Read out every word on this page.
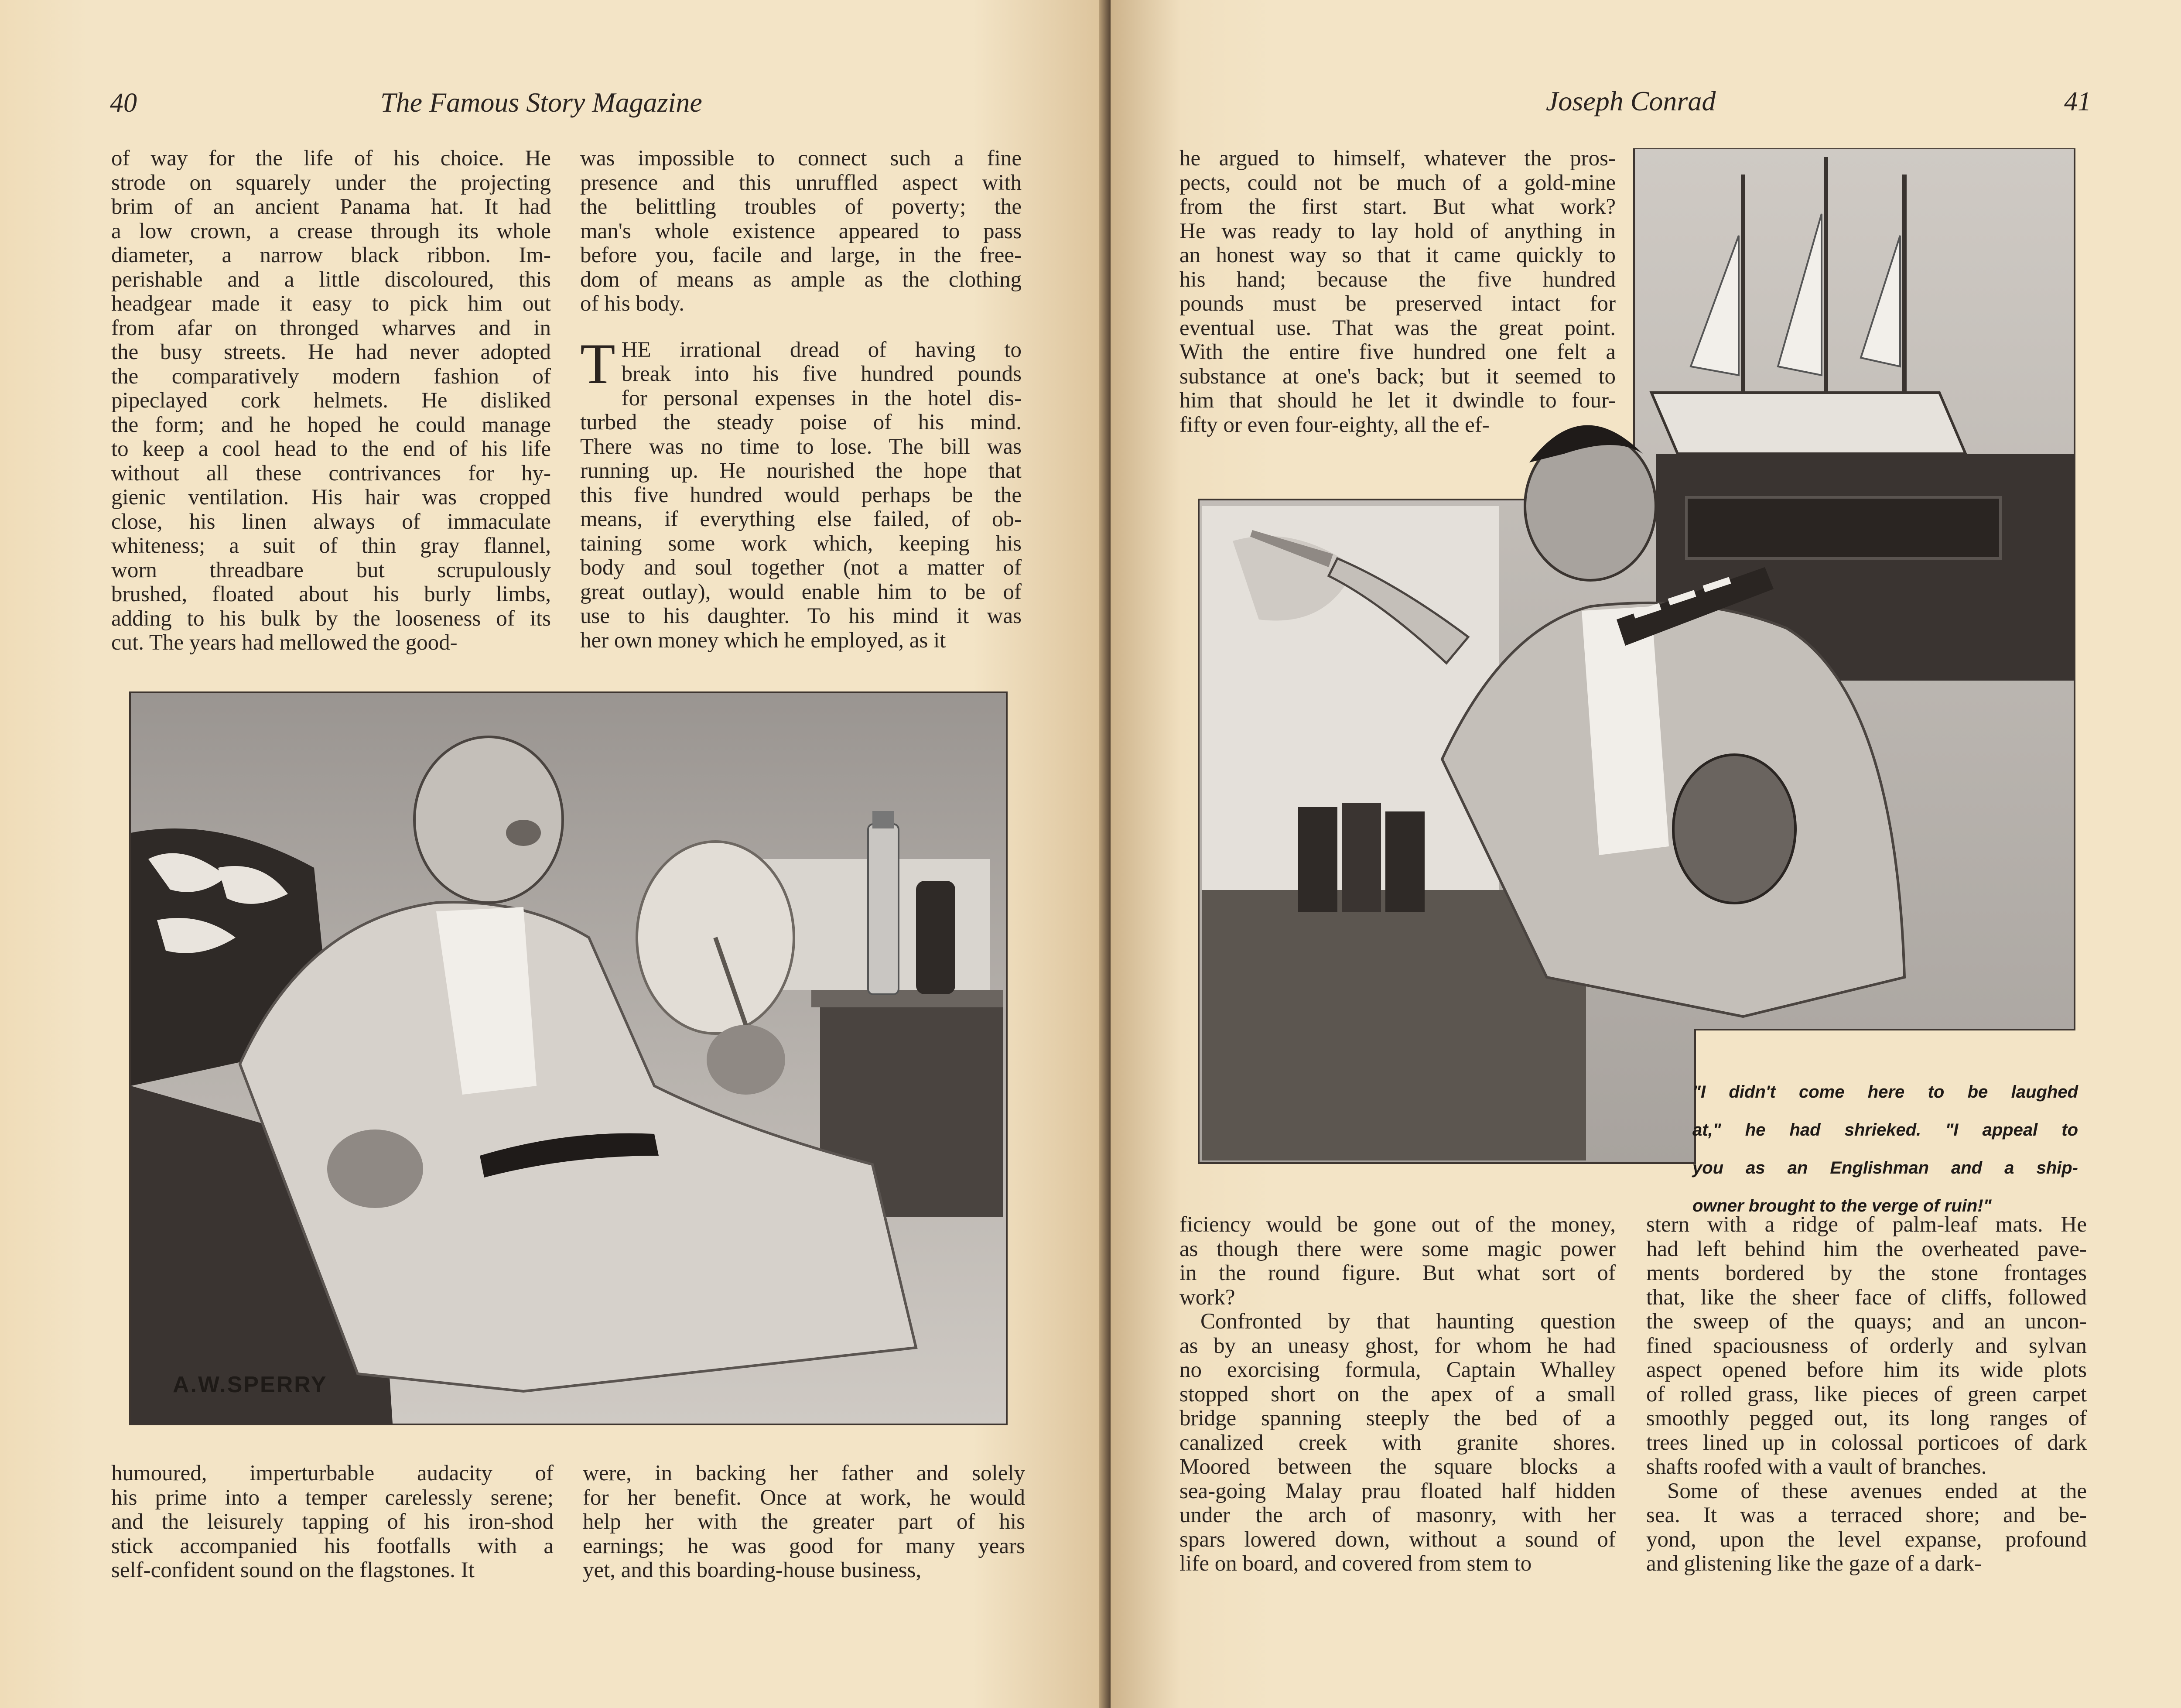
40	The Famous Story Magazine

of way for the life of his choice. He

strode on squarely under the projecting

brim of an ancient Panama hat. It had

a low crown, a crease through its whole

diameter, a narrow black ribbon. Im-

perishable and a little discoloured, this

headgear made it easy to pick him out

from afar on thronged wharves and in

the busy streets. He had never adopted

the comparatively modern fashion of

pipeclayed cork helmets. He disliked

the form; and he hoped he could manage

to keep a cool head to the end of his life

without all these contrivances for hy-

gienic ventilation. His hair was cropped

close, his linen always of immaculate

whiteness; a suit of thin gray flannel,

worn threadbare but scrupulously

brushed, floated about his burly limbs,

adding to his bulk by the looseness of its

cut. The years had mellowed the good-

was impossible to connect such a fine

presence and this unruffled aspect with

the belittling troubles of poverty; the

man's whole existence appeared to pass

before you, facile and large, in the free-

dom of means as ample as the clothing

of his body.

T HE irrational dread of having to

break into his five hundred pounds

for personal expenses in the hotel dis-

turbed the steady poise of his mind.

There was no time to lose. The bill was

running up. He nourished the hope that

this five hundred would perhaps be the

means, if everything else failed, of ob-

taining some work which, keeping his

body and soul together (not a matter of

great outlay), would enable him to be of

use to his daughter. To his mind it was

her own money which he employed, as it

A.W.SPERRY

humoured, imperturbable audacity of

his prime into a temper carelessly serene;

and the leisurely tapping of his iron-shod

stick accompanied his footfalls with a

self-confident sound on the flagstones. It

were, in backing her father and solely

for her benefit. Once at work, he would

help her with the greater part of his

earnings; he was good for many years

yet, and this boarding-house business,

Joseph Conrad	41

he argued to himself, whatever the pros-

pects, could not be much of a gold-mine

from the first start. But what work?

He was ready to lay hold of anything in

an honest way so that it came quickly to

his hand; because the five hundred

pounds must be preserved intact for

eventual use. That was the great point.

With the entire five hundred one felt a

substance at one's back; but it seemed to

him that should he let it dwindle to four-

fifty or even four-eighty, all the ef-

"I didn't come here to be laughed

at," he had shrieked. "I appeal to

you as an Englishman and a ship-

owner brought to the verge of ruin!"

ficiency would be gone out of the money,

as though there were some magic power

in the round figure. But what sort of

work?

Confronted by that haunting question

as by an uneasy ghost, for whom he had

no exorcising formula, Captain Whalley

stopped short on the apex of a small

bridge spanning steeply the bed of a

canalized creek with granite shores.

Moored between the square blocks a

sea-going Malay prau floated half hidden

under the arch of masonry, with her

spars lowered down, without a sound of

life on board, and covered from stem to

stern with a ridge of palm-leaf mats. He

had left behind him the overheated pave-

ments bordered by the stone frontages

that, like the sheer face of cliffs, followed

the sweep of the quays; and an uncon-

fined spaciousness of orderly and sylvan

aspect opened before him its wide plots

of rolled grass, like pieces of green carpet

smoothly pegged out, its long ranges of

trees lined up in colossal porticoes of dark

shafts roofed with a vault of branches.

Some of these avenues ended at the

sea. It was a terraced shore; and be-

yond, upon the level expanse, profound

and glistening like the gaze of a dark-
